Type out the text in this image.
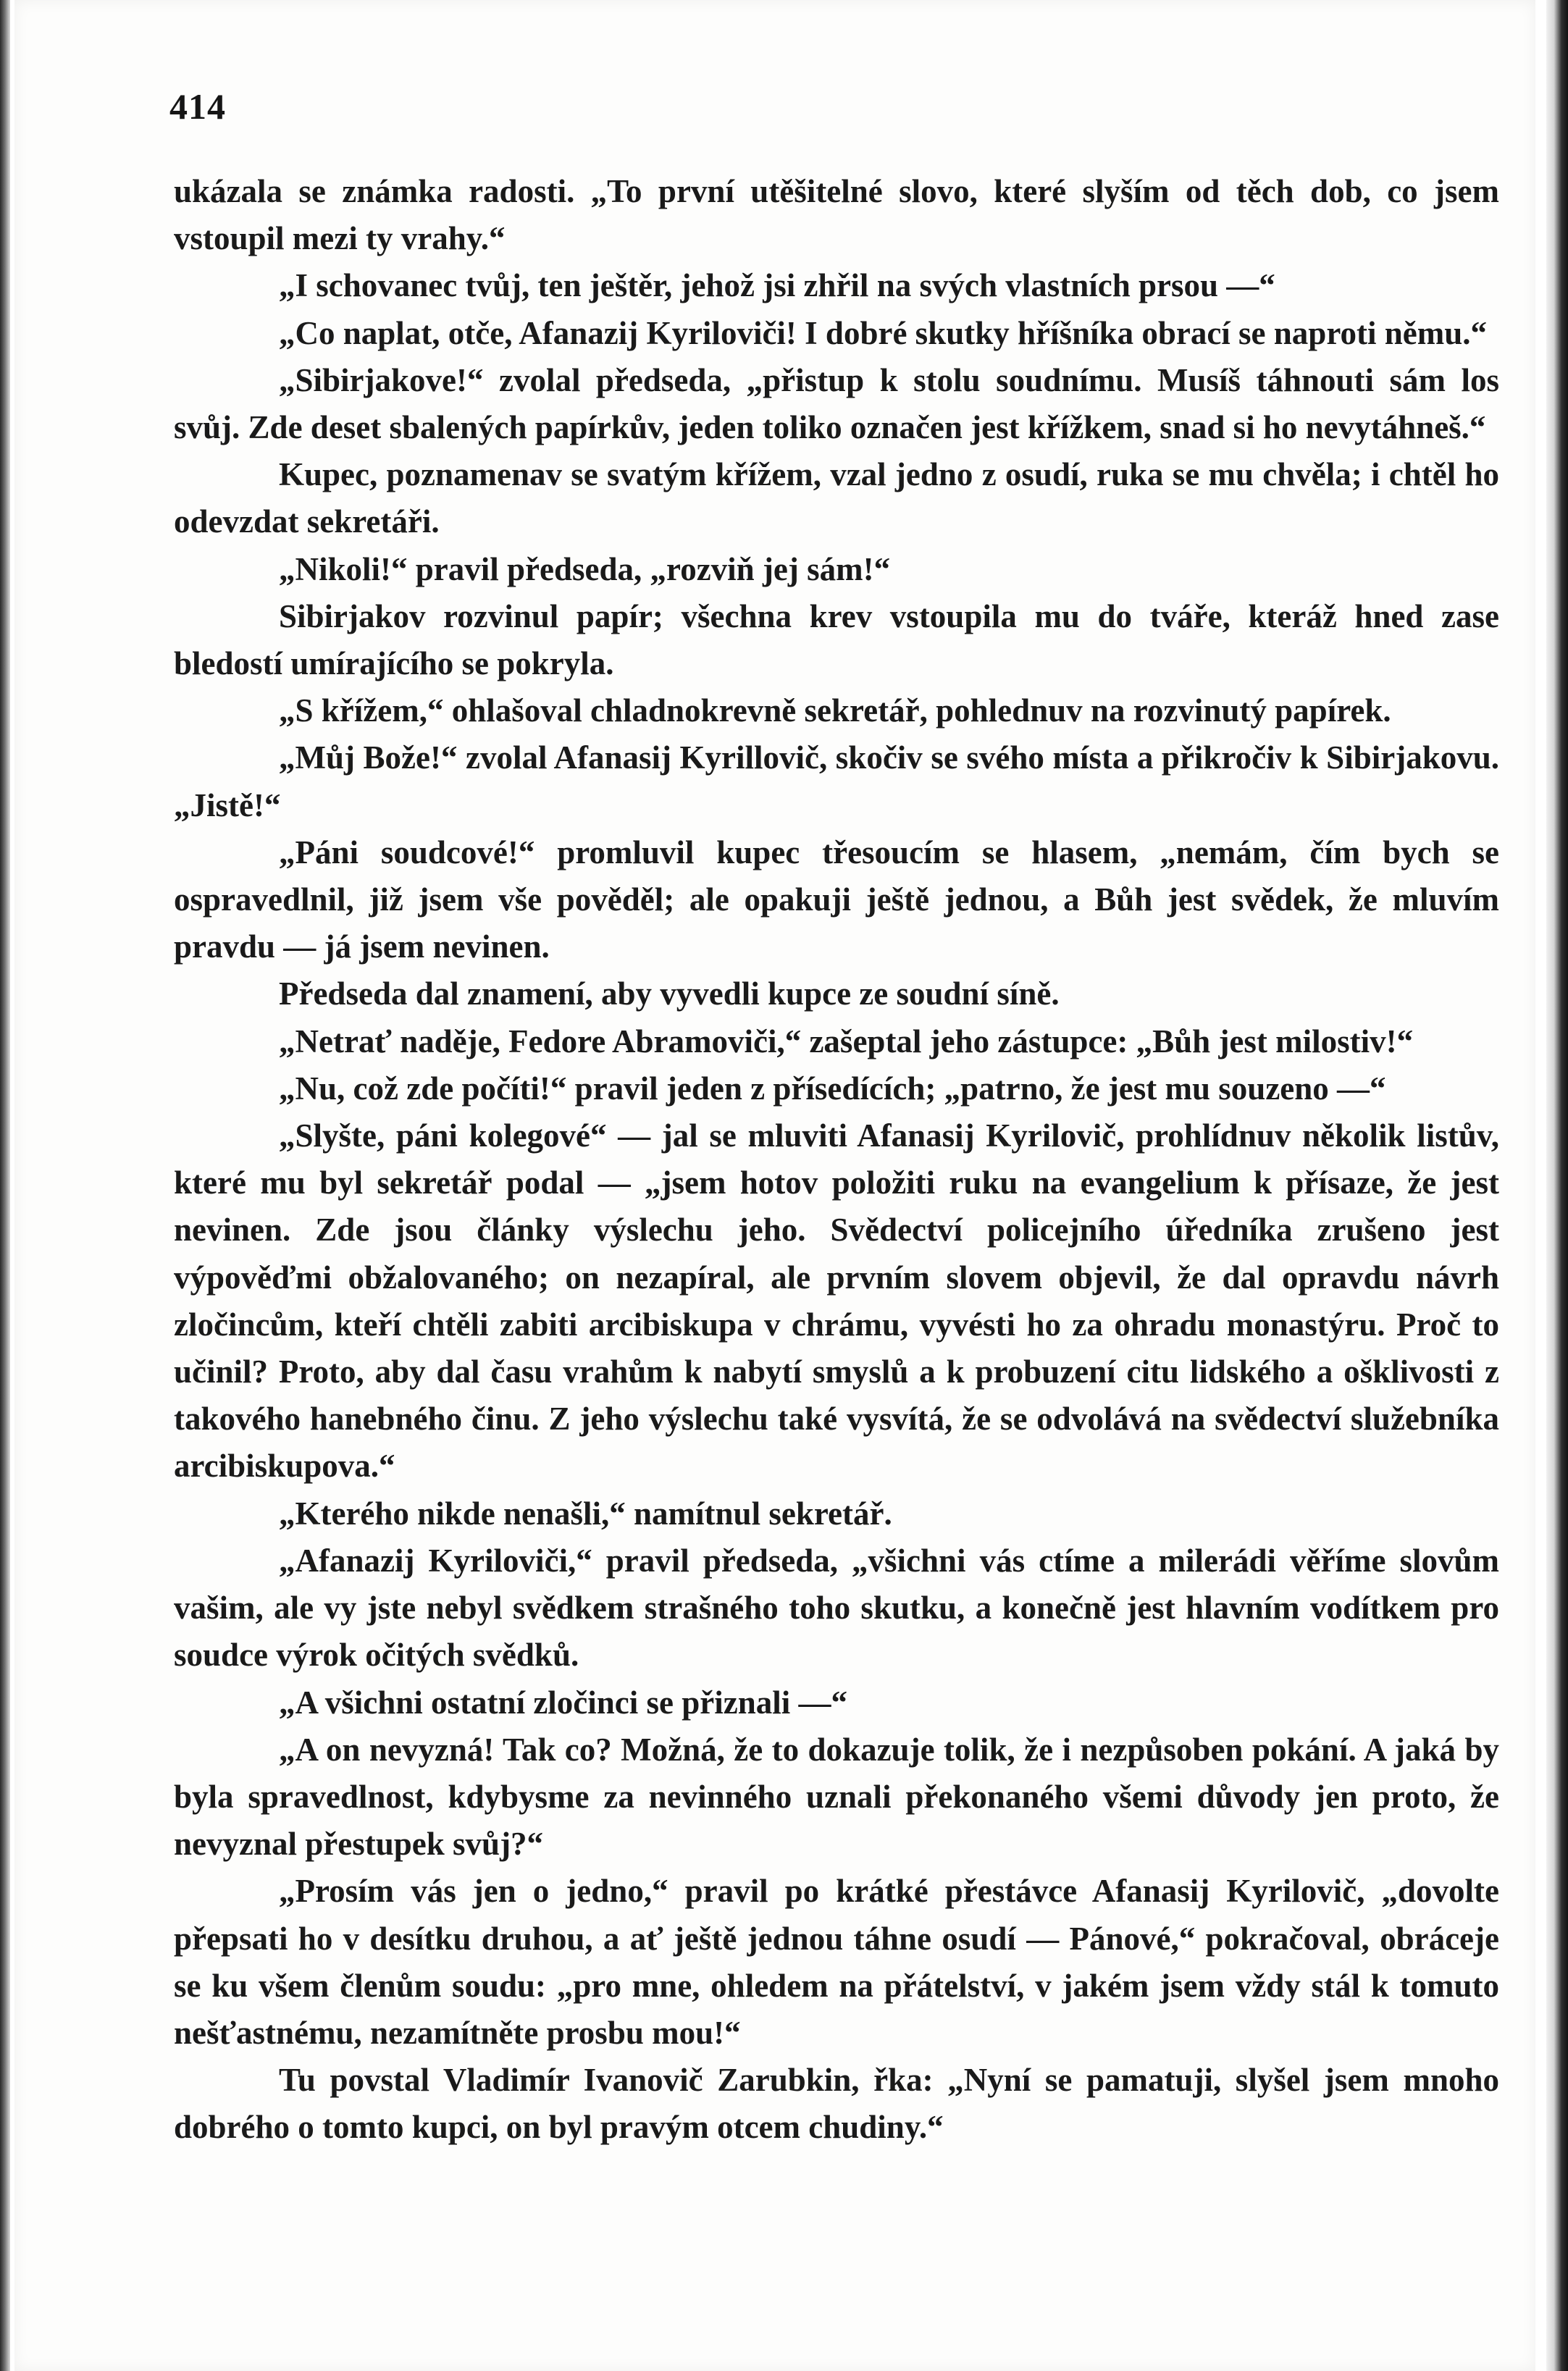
414

ukázala se známka radosti. „To první utěšitelné slovo, které slyším od těch dob, co jsem vstoupil mezi ty vrahy.“

„I schovanec tvůj, ten ještěr, jehož jsi zhřil na svých vlastních prsou —“

„Co naplat, otče, Afanazij Kyriloviči! I dobré skutky hříšníka obrací se naproti němu.“

„Sibirjakove!“ zvolal předseda, „přistup k stolu soudnímu. Musíš táhnouti sám los svůj. Zde deset sbalených papírkův, jeden toliko označen jest křížkem, snad si ho nevytáhneš.“

Kupec, poznamenav se svatým křížem, vzal jedno z osudí, ruka se mu chvěla; i chtěl ho odevzdat sekretáři.

„Nikoli!“ pravil předseda, „rozviň jej sám!“

Sibirjakov rozvinul papír; všechna krev vstoupila mu do tváře, kteráž hned zase bledostí umírajícího se pokryla.

„S křížem,“ ohlašoval chladnokrevně sekretář, pohlednuv na rozvinutý papírek.

„Můj Bože!“ zvolal Afanasij Kyrillovič, skočiv se svého místa a přikročiv k Sibirjakovu. „Jistě!“

„Páni soudcové!“ promluvil kupec třesoucím se hlasem, „nemám, čím bych se ospravedlnil, již jsem vše pověděl; ale opakuji ještě jednou, a Bůh jest svědek, že mluvím pravdu — já jsem nevinen.

Předseda dal znamení, aby vyvedli kupce ze soudní síně.

„Netrať naděje, Fedore Abramoviči,“ zašeptal jeho zástupce: „Bůh jest milostiv!“

„Nu, což zde počíti!“ pravil jeden z přísedících; „patrno, že jest mu souzeno —“

„Slyšte, páni kolegové“ — jal se mluviti Afanasij Kyrilovič, prohlídnuv několik listův, které mu byl sekretář podal — „jsem hotov položiti ruku na evangelium k přísaze, že jest nevinen. Zde jsou články výslechu jeho. Svědectví policejního úředníka zrušeno jest výpověďmi obžalovaného; on nezapíral, ale prvním slovem objevil, že dal opravdu návrh zločincům, kteří chtěli zabiti arcibiskupa v chrámu, vyvésti ho za ohradu monastýru. Proč to učinil? Proto, aby dal času vrahům k nabytí smyslů a k probuzení citu lidského a ošklivosti z takového hanebného činu. Z jeho výslechu také vysvítá, že se odvolává na svědectví služebníka arcibiskupova.“

„Kterého nikde nenašli,“ namítnul sekretář.

„Afanazij Kyriloviči,“ pravil předseda, „všichni vás ctíme a milerádi věříme slovům vašim, ale vy jste nebyl svědkem strašného toho skutku, a konečně jest hlavním vodítkem pro soudce výrok očitých svědků.

„A všichni ostatní zločinci se přiznali —“

„A on nevyzná! Tak co? Možná, že to dokazuje tolik, že i nezpůsoben pokání. A jaká by byla spravedlnost, kdybysme za nevinného uznali překonaného všemi důvody jen proto, že nevyznal přestupek svůj?“

„Prosím vás jen o jedno,“ pravil po krátké přestávce Afanasij Kyrilovič, „dovolte přepsati ho v desítku druhou, a ať ještě jednou táhne osudí — Pánové,“ pokračoval, obráceje se ku všem členům soudu: „pro mne, ohledem na přátelství, v jakém jsem vždy stál k tomuto nešťastnému, nezamítněte prosbu mou!“

Tu povstal Vladimír Ivanovič Zarubkin, řka: „Nyní se pamatuji, slyšel jsem mnoho dobrého o tomto kupci, on byl pravým otcem chudiny.“
